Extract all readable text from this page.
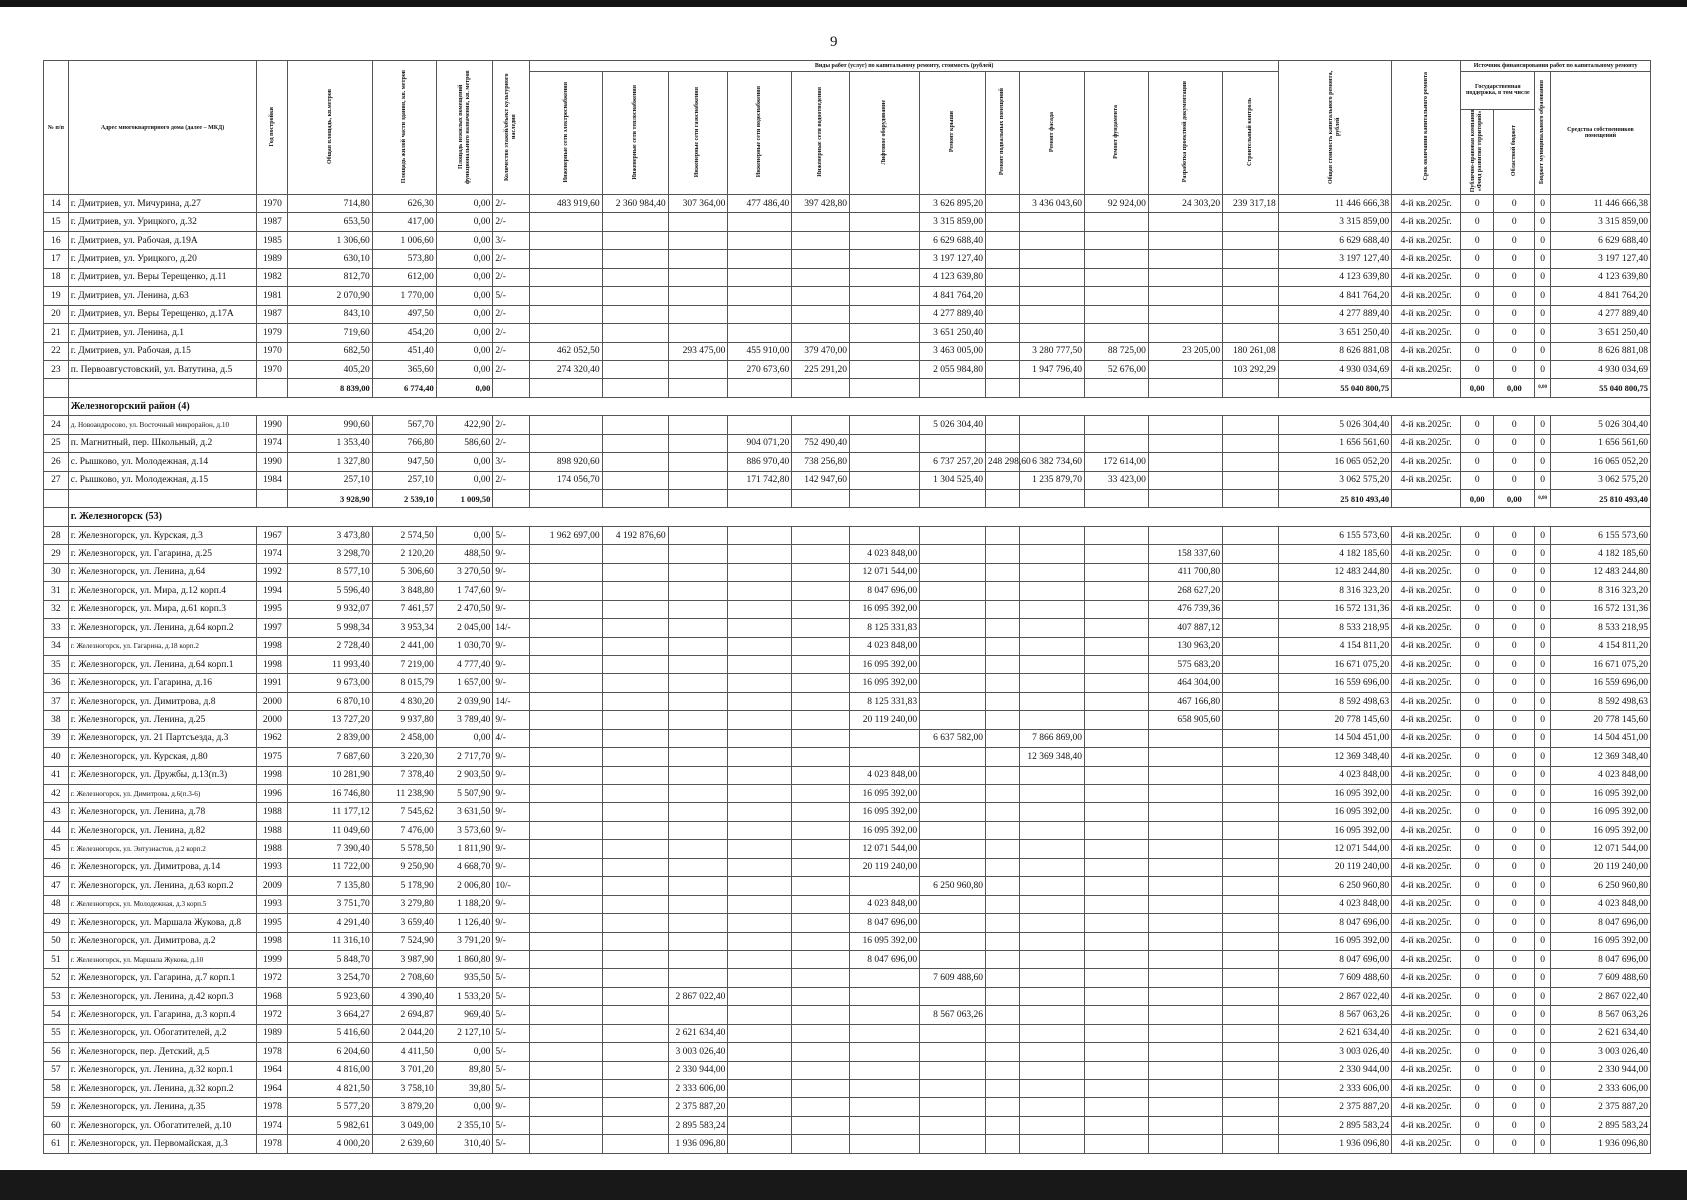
9
№ п/п	Адрес многоквартирного дома (далее – МКД)	Год постройки	Общая площадь, кв.метров	Площадь жилой части здания, кв. метров	Площадь нежилых помещений функционального назначения, кв. метров	Количество этажей/объект культурного наследия	Виды работ (услуг) по капитальному ремонту, стоимость (рублей)												Общая стоимость капитального ремонта, рублей	Срок окончания капитального ремонта	Источник финансирования работ по капитальному ремонту			
							Инженерные сети электроснабжения	Инженерные сети теплоснабжения	Инженерные сети газоснабжения	Инженерные сети водоснабжения	Инженерные сети водоотведения	Лифтовое оборудование	Ремонт крыши	Ремонт подвальных помещений	Ремонт фасада	Ремонт фундамента	Разработка проектной документации	Строительный контроль			Государственная поддержка, в том числе		Бюджет муниципального образования	Средства собственников помещений
																					Публично-правовая компания «Фонд развития территорий»	Областной бюджет		
14	г. Дмитриев, ул. Мичурина, д.27	1970	714,80	626,30	0,00	2/-	483 919,60	2 360 984,40	307 364,00	477 486,40	397 428,80		3 626 895,20		3 436 043,60	92 924,00	24 303,20	239 317,18	11 446 666,38	4-й кв.2025г.	0	0	0	11 446 666,38
15	г. Дмитриев, ул. Урицкого, д.32	1987	653,50	417,00	0,00	2/-							3 315 859,00						3 315 859,00	4-й кв.2025г.	0	0	0	3 315 859,00
16	г. Дмитриев, ул. Рабочая, д.19А	1985	1 306,60	1 006,60	0,00	3/-							6 629 688,40						6 629 688,40	4-й кв.2025г.	0	0	0	6 629 688,40
17	г. Дмитриев, ул. Урицкого, д.20	1989	630,10	573,80	0,00	2/-							3 197 127,40						3 197 127,40	4-й кв.2025г.	0	0	0	3 197 127,40
18	г. Дмитриев, ул. Веры Терещенко, д.11	1982	812,70	612,00	0,00	2/-							4 123 639,80						4 123 639,80	4-й кв.2025г.	0	0	0	4 123 639,80
19	г. Дмитриев, ул. Ленина, д.63	1981	2 070,90	1 770,00	0,00	5/-							4 841 764,20						4 841 764,20	4-й кв.2025г.	0	0	0	4 841 764,20
20	г. Дмитриев, ул. Веры Терещенко, д.17А	1987	843,10	497,50	0,00	2/-							4 277 889,40						4 277 889,40	4-й кв.2025г.	0	0	0	4 277 889,40
21	г. Дмитриев, ул. Ленина, д.1	1979	719,60	454,20	0,00	2/-							3 651 250,40						3 651 250,40	4-й кв.2025г.	0	0	0	3 651 250,40
22	г. Дмитриев, ул. Рабочая, д.15	1970	682,50	451,40	0,00	2/-	462 052,50		293 475,00	455 910,00	379 470,00		3 463 005,00		3 280 777,50	88 725,00	23 205,00	180 261,08	8 626 881,08	4-й кв.2025г.	0	0	0	8 626 881,08
23	п. Первоавгустовский, ул. Ватутина, д.5	1970	405,20	365,60	0,00	2/-	274 320,40			270 673,60	225 291,20		2 055 984,80		1 947 796,40	52 676,00		103 292,29	4 930 034,69	4-й кв.2025г.	0	0	0	4 930 034,69
			8 839,00	6 774,40	0,00														55 040 800,75		0,00	0,00	0,00	55 040 800,75
	Железногорский район (4)																							
24	д. Новоандросово, ул. Восточный микрорайон, д.10	1990	990,60	567,70	422,90	2/-							5 026 304,40						5 026 304,40	4-й кв.2025г.	0	0	0	5 026 304,40
25	п. Магнитный, пер. Школьный, д.2	1974	1 353,40	766,80	586,60	2/-				904 071,20	752 490,40								1 656 561,60	4-й кв.2025г.	0	0	0	1 656 561,60
26	с. Рышково, ул. Молодежная, д.14	1990	1 327,80	947,50	0,00	3/-	898 920,60			886 970,40	738 256,80		6 737 257,20	248 298,60	6 382 734,60	172 614,00			16 065 052,20	4-й кв.2025г.	0	0	0	16 065 052,20
27	с. Рышково, ул. Молодежная, д.15	1984	257,10	257,10	0,00	2/-	174 056,70			171 742,80	142 947,60		1 304 525,40		1 235 879,70	33 423,00			3 062 575,20	4-й кв.2025г.	0	0	0	3 062 575,20
			3 928,90	2 539,10	1 009,50														25 810 493,40		0,00	0,00	0,00	25 810 493,40
	г. Железногорск (53)																							
28	г. Железногорск, ул. Курская, д.3	1967	3 473,80	2 574,50	0,00	5/-	1 962 697,00	4 192 876,60											6 155 573,60	4-й кв.2025г.	0	0	0	6 155 573,60
29	г. Железногорск, ул. Гагарина, д.25	1974	3 298,70	2 120,20	488,50	9/-						4 023 848,00					158 337,60		4 182 185,60	4-й кв.2025г.	0	0	0	4 182 185,60
30	г. Железногорск, ул. Ленина, д.64	1992	8 577,10	5 306,60	3 270,50	9/-						12 071 544,00					411 700,80		12 483 244,80	4-й кв.2025г.	0	0	0	12 483 244,80
31	г. Железногорск, ул. Мира, д.12 корп.4	1994	5 596,40	3 848,80	1 747,60	9/-						8 047 696,00					268 627,20		8 316 323,20	4-й кв.2025г.	0	0	0	8 316 323,20
32	г. Железногорск, ул. Мира, д.61 корп.3	1995	9 932,07	7 461,57	2 470,50	9/-						16 095 392,00					476 739,36		16 572 131,36	4-й кв.2025г.	0	0	0	16 572 131,36
33	г. Железногорск, ул. Ленина, д.64 корп.2	1997	5 998,34	3 953,34	2 045,00	14/-						8 125 331,83					407 887,12		8 533 218,95	4-й кв.2025г.	0	0	0	8 533 218,95
34	г. Железногорск, ул. Гагарина, д.18 корп.2	1998	2 728,40	2 441,00	1 030,70	9/-						4 023 848,00					130 963,20		4 154 811,20	4-й кв.2025г.	0	0	0	4 154 811,20
35	г. Железногорск, ул. Ленина, д.64 корп.1	1998	11 993,40	7 219,00	4 777,40	9/-						16 095 392,00					575 683,20		16 671 075,20	4-й кв.2025г.	0	0	0	16 671 075,20
36	г. Железногорск, ул. Гагарина, д.16	1991	9 673,00	8 015,79	1 657,00	9/-						16 095 392,00					464 304,00		16 559 696,00	4-й кв.2025г.	0	0	0	16 559 696,00
37	г. Железногорск, ул. Димитрова, д.8	2000	6 870,10	4 830,20	2 039,90	14/-						8 125 331,83					467 166,80		8 592 498,63	4-й кв.2025г.	0	0	0	8 592 498,63
38	г. Железногорск, ул. Ленина, д.25	2000	13 727,20	9 937,80	3 789,40	9/-						20 119 240,00					658 905,60		20 778 145,60	4-й кв.2025г.	0	0	0	20 778 145,60
39	г. Железногорск, ул. 21 Партсъезда, д.3	1962	2 839,00	2 458,00	0,00	4/-							6 637 582,00		7 866 869,00				14 504 451,00	4-й кв.2025г.	0	0	0	14 504 451,00
40	г. Железногорск, ул. Курская, д.80	1975	7 687,60	3 220,30	2 717,70	9/-									12 369 348,40				12 369 348,40	4-й кв.2025г.	0	0	0	12 369 348,40
41	г. Железногорск, ул. Дружбы, д.13(п.3)	1998	10 281,90	7 378,40	2 903,50	9/-						4 023 848,00							4 023 848,00	4-й кв.2025г.	0	0	0	4 023 848,00
42	г. Железногорск, ул. Димитрова, д.6(п.3-6)	1996	16 746,80	11 238,90	5 507,90	9/-						16 095 392,00							16 095 392,00	4-й кв.2025г.	0	0	0	16 095 392,00
43	г. Железногорск, ул. Ленина, д.78	1988	11 177,12	7 545,62	3 631,50	9/-						16 095 392,00							16 095 392,00	4-й кв.2025г.	0	0	0	16 095 392,00
44	г. Железногорск, ул. Ленина, д.82	1988	11 049,60	7 476,00	3 573,60	9/-						16 095 392,00							16 095 392,00	4-й кв.2025г.	0	0	0	16 095 392,00
45	г. Железногорск, ул. Энтузиастов, д.2 корп.2	1988	7 390,40	5 578,50	1 811,90	9/-						12 071 544,00							12 071 544,00	4-й кв.2025г.	0	0	0	12 071 544,00
46	г. Железногорск, ул. Димитрова, д.14	1993	11 722,00	9 250,90	4 668,70	9/-						20 119 240,00							20 119 240,00	4-й кв.2025г.	0	0	0	20 119 240,00
47	г. Железногорск, ул. Ленина, д.63 корп.2	2009	7 135,80	5 178,90	2 006,80	10/-							6 250 960,80						6 250 960,80	4-й кв.2025г.	0	0	0	6 250 960,80
48	г. Железногорск, ул. Молодежная, д.3 корп.5	1993	3 751,70	3 279,80	1 188,20	9/-						4 023 848,00							4 023 848,00	4-й кв.2025г.	0	0	0	4 023 848,00
49	г. Железногорск, ул. Маршала Жукова, д.8	1995	4 291,40	3 659,40	1 126,40	9/-						8 047 696,00							8 047 696,00	4-й кв.2025г.	0	0	0	8 047 696,00
50	г. Железногорск, ул. Димитрова, д.2	1998	11 316,10	7 524,90	3 791,20	9/-						16 095 392,00							16 095 392,00	4-й кв.2025г.	0	0	0	16 095 392,00
51	г. Железногорск, ул. Маршала Жукова, д.10	1999	5 848,70	3 987,90	1 860,80	9/-						8 047 696,00							8 047 696,00	4-й кв.2025г.	0	0	0	8 047 696,00
52	г. Железногорск, ул. Гагарина, д.7 корп.1	1972	3 254,70	2 708,60	935,50	5/-							7 609 488,60						7 609 488,60	4-й кв.2025г.	0	0	0	7 609 488,60
53	г. Железногорск, ул. Ленина, д.42 корп.3	1968	5 923,60	4 390,40	1 533,20	5/-			2 867 022,40										2 867 022,40	4-й кв.2025г.	0	0	0	2 867 022,40
54	г. Железногорск, ул. Гагарина, д.3 корп.4	1972	3 664,27	2 694,87	969,40	5/-							8 567 063,26						8 567 063,26	4-й кв.2025г.	0	0	0	8 567 063,26
55	г. Железногорск, ул. Обогатителей, д.2	1989	5 416,60	2 044,20	2 127,10	5/-			2 621 634,40										2 621 634,40	4-й кв.2025г.	0	0	0	2 621 634,40
56	г. Железногорск, пер. Детский, д.5	1978	6 204,60	4 411,50	0,00	5/-			3 003 026,40										3 003 026,40	4-й кв.2025г.	0	0	0	3 003 026,40
57	г. Железногорск, ул. Ленина, д.32 корп.1	1964	4 816,00	3 701,20	89,80	5/-			2 330 944,00										2 330 944,00	4-й кв.2025г.	0	0	0	2 330 944,00
58	г. Железногорск, ул. Ленина, д.32 корп.2	1964	4 821,50	3 758,10	39,80	5/-			2 333 606,00										2 333 606,00	4-й кв.2025г.	0	0	0	2 333 606,00
59	г. Железногорск, ул. Ленина, д.35	1978	5 577,20	3 879,20	0,00	9/-			2 375 887,20										2 375 887,20	4-й кв.2025г.	0	0	0	2 375 887,20
60	г. Железногорск, ул. Обогатителей, д.10	1974	5 982,61	3 049,00	2 355,10	5/-			2 895 583,24										2 895 583,24	4-й кв.2025г.	0	0	0	2 895 583,24
61	г. Железногорск, ул. Первомайская, д.3	1978	4 000,20	2 639,60	310,40	5/-			1 936 096,80										1 936 096,80	4-й кв.2025г.	0	0	0	1 936 096,80
